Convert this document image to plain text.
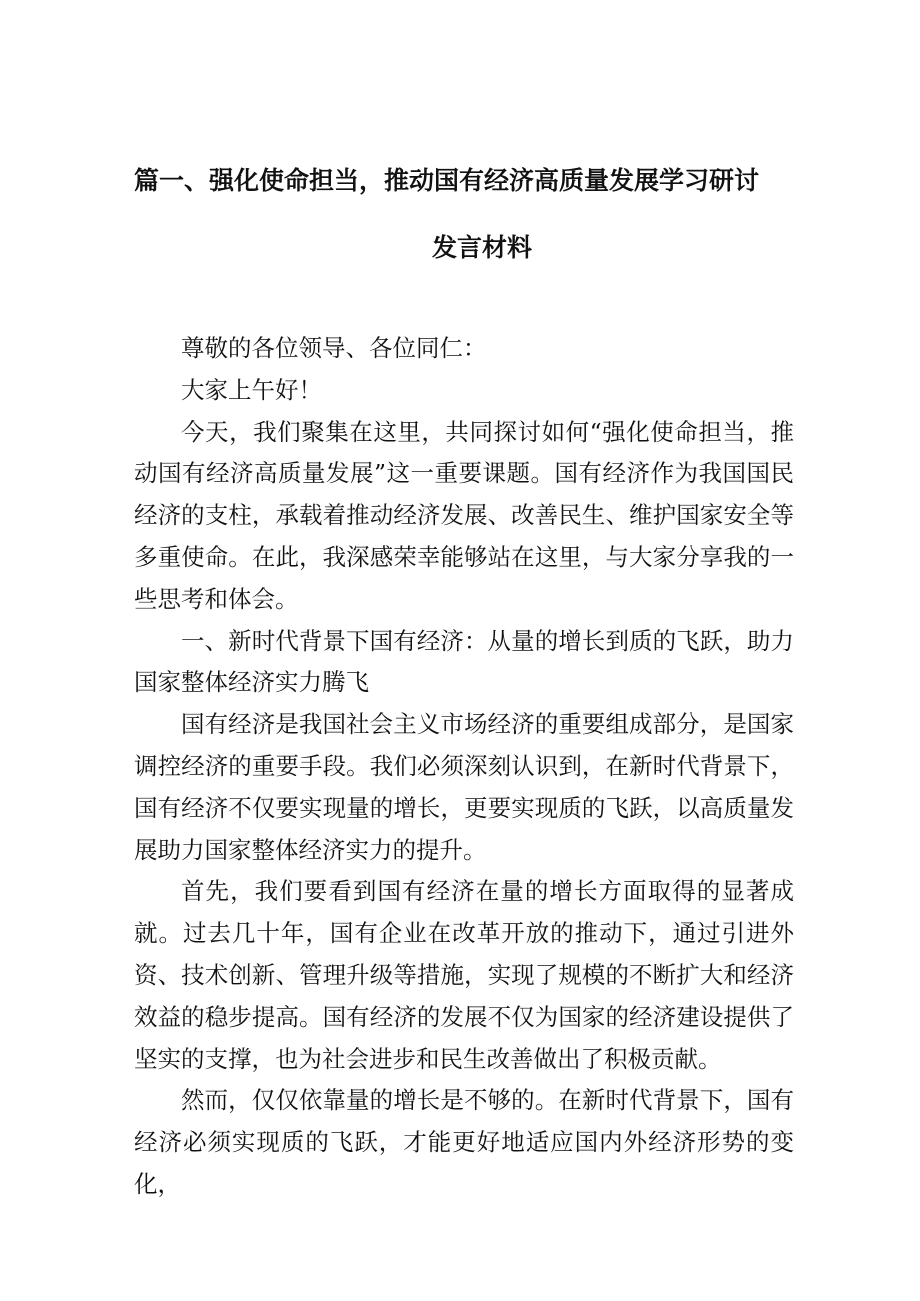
篇一、强化使命担当，推动国有经济高质量发展学习研讨
发言材料

尊敬的各位领导、各位同仁：

大家上午好！

今天，我们聚集在这里，共同探讨如何“强化使命担当，推动国有经济高质量发展”这一重要课题。国有经济作为我国国民经济的支柱，承载着推动经济发展、改善民生、维护国家安全等多重使命。在此，我深感荣幸能够站在这里，与大家分享我的一些思考和体会。

一、新时代背景下国有经济：从量的增长到质的飞跃，助力国家整体经济实力腾飞

国有经济是我国社会主义市场经济的重要组成部分，是国家调控经济的重要手段。我们必须深刻认识到，在新时代背景下，国有经济不仅要实现量的增长，更要实现质的飞跃，以高质量发展助力国家整体经济实力的提升。

首先，我们要看到国有经济在量的增长方面取得的显著成就。过去几十年，国有企业在改革开放的推动下，通过引进外资、技术创新、管理升级等措施，实现了规模的不断扩大和经济效益的稳步提高。国有经济的发展不仅为国家的经济建设提供了坚实的支撑，也为社会进步和民生改善做出了积极贡献。

然而，仅仅依靠量的增长是不够的。在新时代背景下，国有经济必须实现质的飞跃，才能更好地适应国内外经济形势的变化，
